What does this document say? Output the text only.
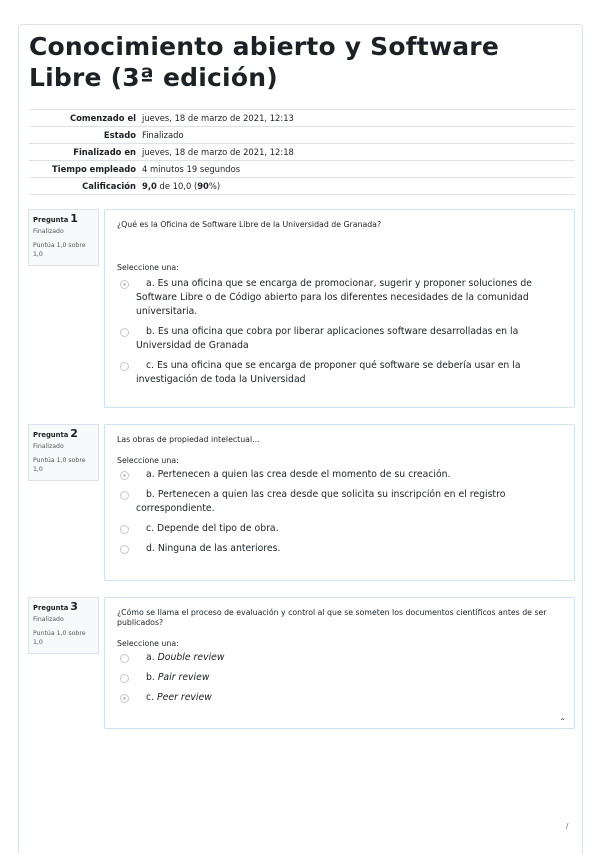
Conocimiento abierto y Software Libre (3ª edición)
Comenzado el	jueves, 18 de marzo de 2021, 12:13
Estado	Finalizado
Finalizado en	jueves, 18 de marzo de 2021, 12:18
Tiempo empleado	4 minutos 19 segundos
Calificación	9,0 de 10,0 (90%)
Pregunta 1
Finalizado
Puntúa 1,0 sobre 1,0

¿Qué es la Oficina de Software Libre de la Universidad de Granada?

Seleccione una:

a. Es una oficina que se encarga de promocionar, sugerir y proponer soluciones de Software Libre o de Código abierto para los diferentes necesidades de la comunidad universitaria.
b. Es una oficina que cobra por liberar aplicaciones software desarrolladas en la Universidad de Granada
c. Es una oficina que se encarga de proponer qué software se debería usar en la investigación de toda la Universidad
Pregunta 2
Finalizado
Puntúa 1,0 sobre 1,0

Las obras de propiedad intelectual...

Seleccione una:

a. Pertenecen a quien las crea desde el momento de su creación.
b. Pertenecen a quien las crea desde que solicita su inscripción en el registro correspondiente.
c. Depende del tipo de obra.
d. Ninguna de las anteriores.
Pregunta 3
Finalizado
Puntúa 1,0 sobre 1,0

¿Cómo se llama el proceso de evaluación y control al que se someten los documentos científicos antes de ser publicados?

Seleccione una:

a. Double review
b. Pair review
c. Peer review
⌃
/
